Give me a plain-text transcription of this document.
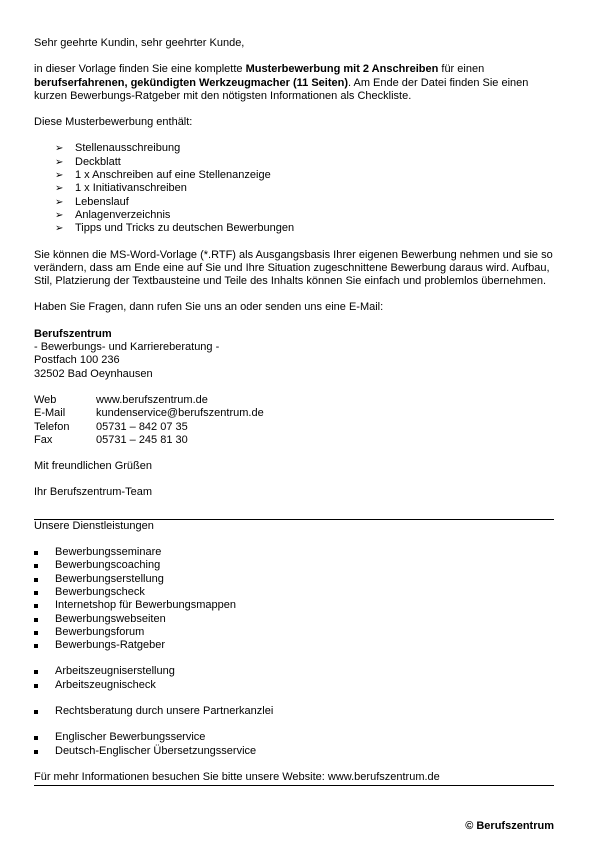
Sehr geehrte Kundin, sehr geehrter Kunde,

in dieser Vorlage finden Sie eine komplette Musterbewerbung mit 2 Anschreiben für einen berufserfahrenen, gekündigten Werkzeugmacher (11 Seiten). Am Ende der Datei finden Sie einen kurzen Bewerbungs-Ratgeber mit den nötigsten Informationen als Checkliste.

Diese Musterbewerbung enthält:

➢ Stellenausschreibung
➢ Deckblatt
➢ 1 x Anschreiben auf eine Stellenanzeige
➢ 1 x Initiativanschreiben
➢ Lebenslauf
➢ Anlagenverzeichnis
➢ Tipps und Tricks zu deutschen Bewerbungen

Sie können die MS-Word-Vorlage (*.RTF) als Ausgangsbasis Ihrer eigenen Bewerbung nehmen und sie so verändern, dass am Ende eine auf Sie und Ihre Situation zugeschnittene Bewerbung daraus wird. Aufbau, Stil, Platzierung der Textbausteine und Teile des Inhalts können Sie einfach und problemlos übernehmen.

Haben Sie Fragen, dann rufen Sie uns an oder senden uns eine E-Mail:

Berufszentrum

- Bewerbungs- und Karriereberatung -

Postfach 100 236

32502 Bad Oeynhausen

Web	www.berufszentrum.de
E-Mail	kundenservice@berufszentrum.de
Telefon	05731 – 842 07 35
Fax	05731 – 245 81 30

Mit freundlichen Grüßen

Ihr Berufszentrum-Team

Unsere Dienstleistungen

Bewerbungsseminare
Bewerbungscoaching
Bewerbungserstellung
Bewerbungscheck
Internetshop für Bewerbungsmappen
Bewerbungswebseiten
Bewerbungsforum
Bewerbungs-Ratgeber
Arbeitszeugniserstellung
Arbeitszeugnischeck
Rechtsberatung durch unsere Partnerkanzlei
Englischer Bewerbungsservice
Deutsch-Englischer Übersetzungsservice

Für mehr Informationen besuchen Sie bitte unsere Website: www.berufszentrum.de

© Berufszentrum
